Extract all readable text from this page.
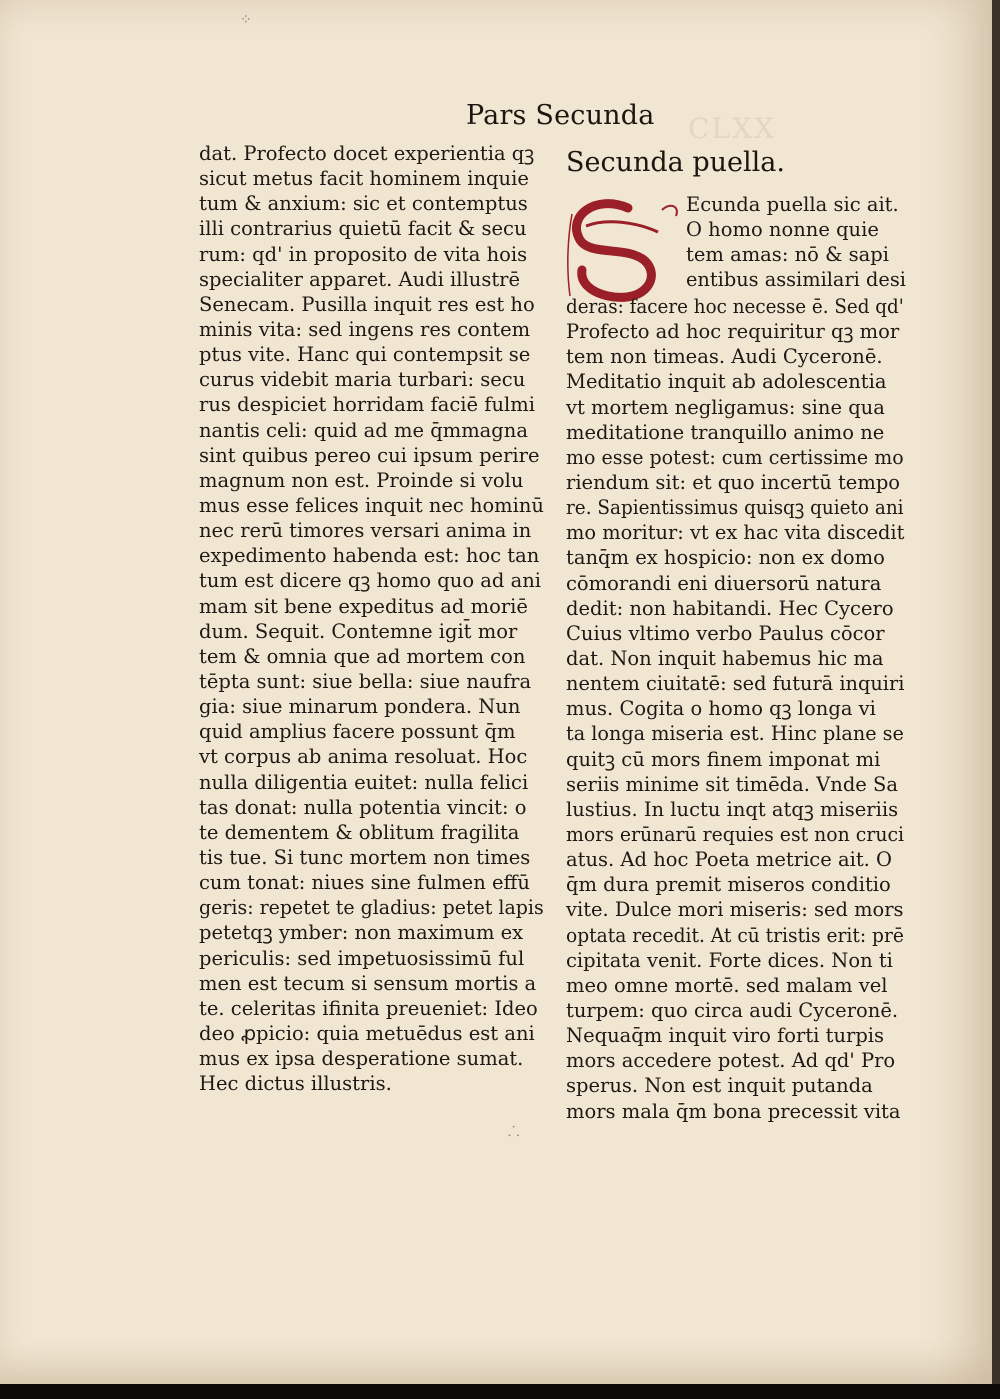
CLXX
Pars Secunda
dat. Profecto docet experientia qꝫ
sicut metus facit hominem inquie
tum & anxium: sic et contemptus
illi contrarius quietū facit & secu
rum: qd' in proposito de vita hois
specialiter apparet. Audi illustrē
Senecam. Pusilla inquit res est ho
minis vita: sed ingens res contem
ptus vite. Hanc qui contempsit se
curus videbit maria turbari: secu
rus despiciet horridam faciē fulmi
nantis celi: quid ad me q̄mmagna
sint quibus pereo cui ipsum perire
magnum non est. Proinde si volu
mus esse felices inquit nec hominū
nec rerū timores versari anima in
expedimento habenda est: hoc tan
tum est dicere qꝫ homo quo ad ani
mam sit bene expeditus ad moriē
dum. Sequit. Contemne igit̄ mor
tem & omnia que ad mortem con
tēpta sunt: siue bella: siue naufra
gia: siue minarum pondera. Nun
quid amplius facere possunt q̄m
vt corpus ab anima resoluat. Hoc
nulla diligentia euitet: nulla felici
tas donat: nulla potentia vincit: o
te dementem & oblitum fragilita
tis tue. Si tunc mortem non times
cum tonat: niues sine fulmen effū
geris: repetet te gladius: petet lapis
petetqꝫ ymber: non maximum ex
periculis: sed impetuosissimū ful
men est tecum si sensum mortis a
te. celeritas ifinita preueniet: Ideo
deo ꝓpicio: quia metuēdus est ani
mus ex ipsa desperatione sumat.
Hec dictus illustris.
Secunda puella.
Ecunda puella sic ait.
O homo nonne quie
tem amas: nō & sapi
entibus assimilari desi
deras: facere hoc necesse ē. Sed qd'
Profecto ad hoc requiritur qꝫ mor
tem non timeas. Audi Cyceronē.
Meditatio inquit ab adolescentia
vt mortem negligamus: sine qua
meditatione tranquillo animo ne
mo esse potest: cum certissime mo
riendum sit: et quo incertū tempo
re. Sapientissimus quisqꝫ quieto ani
mo moritur: vt ex hac vita discedit
tanq̄m ex hospicio: non ex domo
cōmorandi eni diuersorū natura
dedit: non habitandi. Hec Cycero
Cuius vltimo verbo Paulus cōcor
dat. Non inquit habemus hic ma
nentem ciuitatē: sed futurā inquiri
mus. Cogita o homo qꝫ longa vi
ta longa miseria est. Hinc plane se
quitꝫ cū mors finem imponat mi
seriis minime sit timēda. Vnde Sa
lustius. In luctu inqt atqꝫ miseriis
mors erūnarū requies est non cruci
atus. Ad hoc Poeta metrice ait. O
q̄m dura premit miseros conditio
vite. Dulce mori miseris: sed mors
optata recedit. At cū tristis erit: prē
cipitata venit. Forte dices. Non ti
meo omne mortē. sed malam vel
turpem: quo circa audi Cyceronē.
Nequaq̄m inquit viro forti turpis
mors accedere potest. Ad qd' Pro
sperus. Non est inquit putanda
mors mala q̄m bona precessit vita
⁘
⸫
